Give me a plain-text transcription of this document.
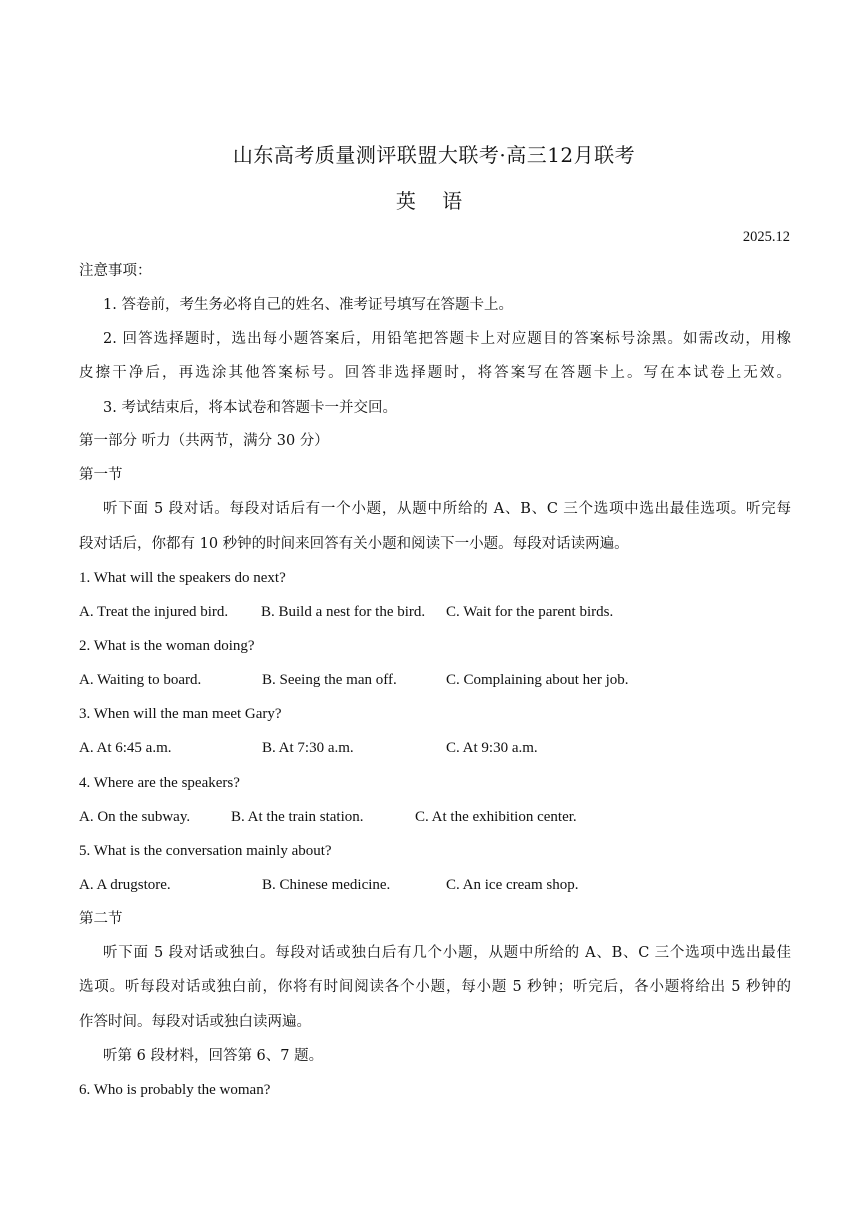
山东高考质量测评联盟大联考·高三12月联考
英 语
2025.12
注意事项：
1. 答卷前，考生务必将自己的姓名、准考证号填写在答题卡上。
2. 回答选择题时，选出每小题答案后，用铅笔把答题卡上对应题目的答案标号涂黑。如需改动，用橡
皮擦干净后，再选涂其他答案标号。回答非选择题时，将答案写在答题卡上。写在本试卷上无效。
3. 考试结束后，将本试卷和答题卡一并交回。
第一部分 听力（共两节，满分 30 分）
第一节
听下面 5 段对话。每段对话后有一个小题，从题中所给的 A、B、C 三个选项中选出最佳选项。听完每
段对话后，你都有 10 秒钟的时间来回答有关小题和阅读下一小题。每段对话读两遍。
1. What will the speakers do next?
A. Treat the injured bird. B. Build a nest for the bird. C. Wait for the parent birds.
2. What is the woman doing?
A. Waiting to board.	B. Seeing the man off.	C. Complaining about her job.
3. When will the man meet Gary?
A. At 6:45 a.m.	B. At 7:30 a.m.	C. At 9:30 a.m.
4. Where are the speakers?
A. On the subway.	B. At the train station.	C. At the exhibition center.
5. What is the conversation mainly about?
A. A drugstore.	B. Chinese medicine.	C. An ice cream shop.
第二节
听下面 5 段对话或独白。每段对话或独白后有几个小题，从题中所给的 A、B、C 三个选项中选出最佳
选项。听每段对话或独白前，你将有时间阅读各个小题，每小题 5 秒钟；听完后，各小题将给出 5 秒钟的
作答时间。每段对话或独白读两遍。
听第 6 段材料，回答第 6、7 题。
6. Who is probably the woman?
